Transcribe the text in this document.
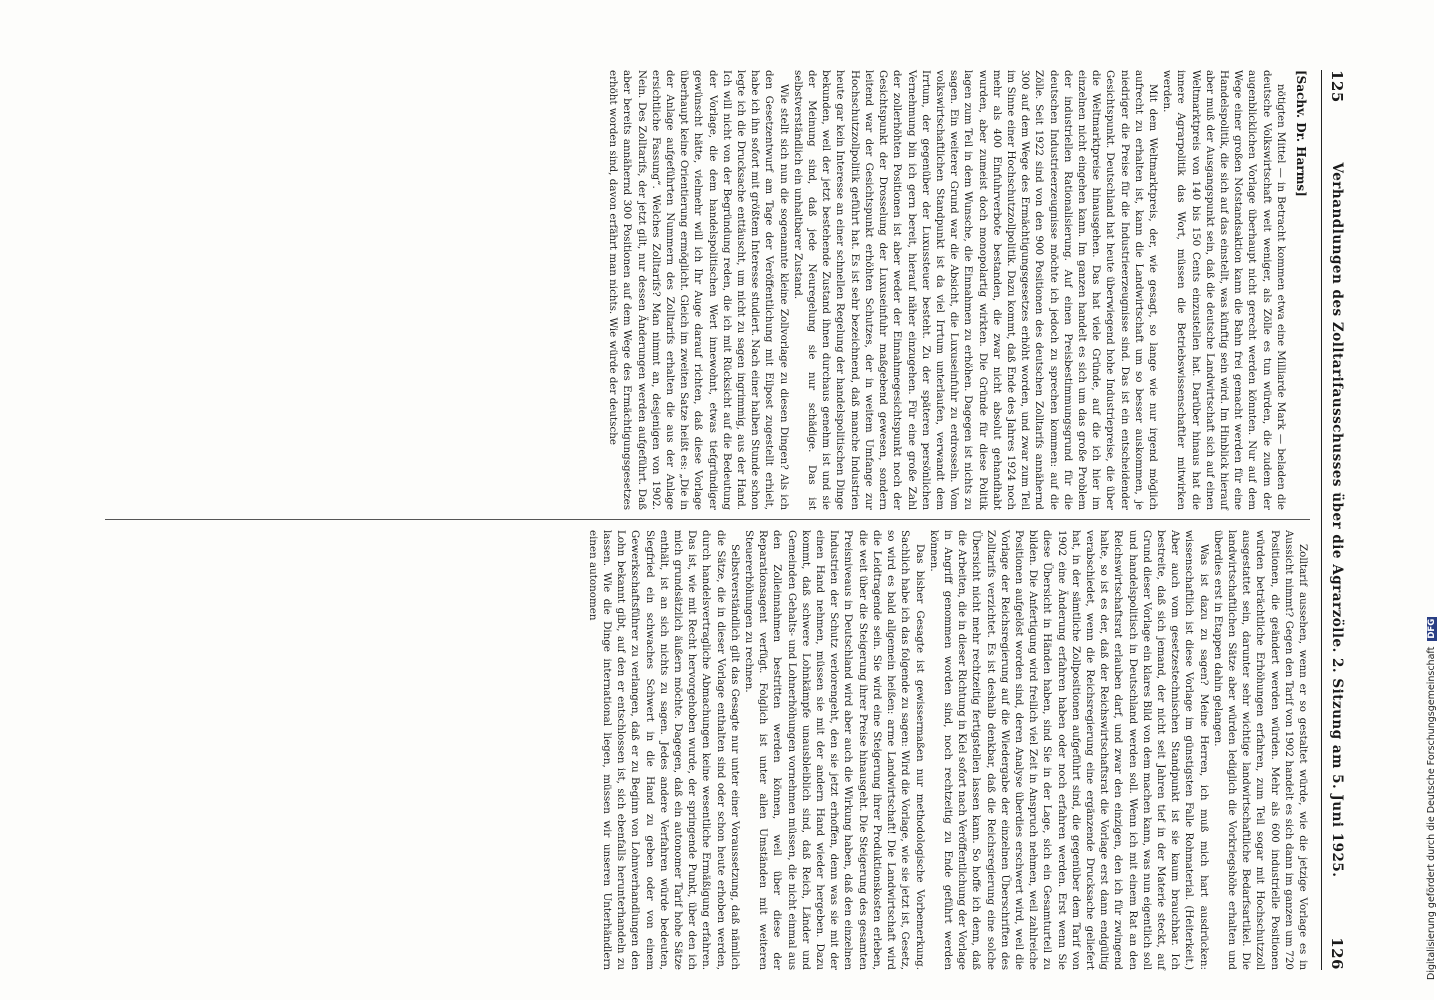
125
Verhandlungen des Zolltarifausschusses über die Agrarzölle. 2. Sitzung am 5. Juni 1925.
126
[Sachv. Dr. Harms]

nötigten Mittel — in Betracht kommen etwa eine Milliarde Mark — beladen die deutsche Volkswirtschaft weit weniger, als Zölle es tun würden, die zudem der augenblicklichen Vorlage überhaupt nicht gerecht werden könnten. Nur auf dem Wege einer großen Notstandsaktion kann die Bahn frei gemacht werden für eine Handelspolitik, die sich auf das einstellt, was künftig sein wird. Im Hinblick hierauf aber muß der Ausgangspunkt sein, daß die deutsche Landwirtschaft sich auf einen Weltmarktpreis von 140 bis 150 Cents einzustellen hat. Darüber hinaus hat die innere Agrarpolitik das Wort, müssen die Betriebswissenschaftler mitwirken werden.

Mit dem Weltmarktpreis, der, wie gesagt, so lange wie nur irgend möglich aufrecht zu erhalten ist, kann die Landwirtschaft um so besser auskommen, je niedriger die Preise für die Industrieerzeugnisse sind. Das ist ein entscheidender Gesichtspunkt. Deutschland hat heute überwiegend hohe Industriepreise, die über die Weltmarktpreise hinausgehen. Das hat viele Gründe, auf die ich hier im einzelnen nicht eingehen kann. Im ganzen handelt es sich um das große Problem der industriellen Rationalisierung. Auf einen Preisbestimmungsgrund für die deutschen Industrieerzeugnisse möchte ich jedoch zu sprechen kommen: auf die Zölle. Seit 1922 sind von den 900 Positionen des deutschen Zolltarifs annähernd 300 auf dem Wege des Ermächtigungsgesetzes erhöht worden, und zwar zum Teil im Sinne einer Hochschutzzollpolitik. Dazu kommt, daß Ende des Jahres 1924 noch mehr als 400 Einfuhrverbote bestanden, die zwar nicht absolut gehandhabt wurden, aber zumeist doch monopolartig wirkten. Die Gründe für diese Politik lagen zum Teil in dem Wunsche, die Einnahmen zu erhöhen. Dagegen ist nichts zu sagen. Ein weiterer Grund war die Absicht, die Luxuseinfuhr zu erdrosseln. Vom volkswirtschaftlichen Standpunkt ist da viel Irrtum unterlaufen, verwandt dem Irrtum, der gegenüber der Luxussteuer besteht. Zu der späteren persönlichen Vernehmung bin ich gern bereit, hierauf näher einzugehen. Für eine große Zahl der zollerhöhten Positionen ist aber weder der Einnahmegesichtspunkt noch der Gesichtspunkt der Drosselung der Luxuseinfuhr maßgebend gewesen, sondern leitend war der Gesichtspunkt erhöhten Schutzes, der in weitem Umfange zur Hochschutzzollpolitik geführt hat. Es ist sehr bezeichnend, daß manche Industrien heute gar kein Interesse an einer schnellen Regelung der handelspolitischen Dinge bekunden, weil der jetzt bestehende Zustand ihnen durchaus genehm ist und sie der Meinung sind, daß jede Neuregelung sie nur schädige. Das ist selbstverständlich ein unhaltbarer Zustand.

Wie stellt sich nun die sogenannte kleine Zollvorlage zu diesen Dingen? Als ich den Gesetzentwurf am Tage der Veröffentlichung mit Eilpost zugestellt erhielt, habe ich ihn sofort mit größtem Interesse studiert. Nach einer halben Stunde schon legte ich die Drucksache enttäuscht, um nicht zu sagen ingrimmig, aus der Hand. Ich will nicht von der Begründung reden, die ich mit Rücksicht auf die Bedeutung der Vorlage, die dem handelspolitischen Wert innewohnt, etwas tiefgründiger gewünscht hätte, vielmehr will ich Ihr Auge darauf richten, daß diese Vorlage überhaupt keine Orientierung ermöglicht. Gleich im zweiten Satze heißt es: „Die in der Anlage aufgeführten Nummern des Zolltarifs erhalten die aus der Anlage ersichtliche Fassung“. Welches Zolltarifs? Man nimmt an, desjenigen von 1902. Nein. Des Zolltarifs, der jetzt gilt, nur dessen Änderungen werden aufgeführt. Daß aber bereits annähernd 300 Positionen auf dem Wege des Ermächtigungsgesetzes erhöht worden sind, davon erfährt man nichts. Wie würde der deutsche

Zolltarif aussehen, wenn er so gestaltet würde, wie die jetzige Vorlage es in Aussicht nimmt? Gegen den Tarif von 1902 handelt es sich dann im ganzen um 720 Positionen, die geändert werden würden. Mehr als 600 industrielle Positionen würden beträchtliche Erhöhungen erfahren, zum Teil sogar mit Hochschutzzoll ausgestattet sein, darunter sehr wichtige landwirtschaftliche Bedarfsartikel. Die landwirtschaftlichen Sätze aber würden lediglich die Vorkriegshöhe erhalten und überdies erst in Etappen dahin gelangen.

Was ist dazu zu sagen? Meine Herren, ich muß mich hart ausdrücken: wissenschaftlich ist diese Vorlage im günstigsten Falle Rohmaterial. (Heiterkeit.) Aber auch vom gesetzestechnischen Standpunkt ist sie kaum brauchbar. Ich bestreite, daß sich jemand, der nicht seit Jahren tief in der Materie steckt, auf Grund dieser Vorlage ein klares Bild von dem machen kann, was nun eigentlich soll und handelspolitisch in Deutschland werden soll. Wenn ich mit einem Rat an den Reichswirtschaftsrat erlauben darf, und zwar den einzigen, den ich für zwingend halte, so ist es der, daß der Reichswirtschaftsrat die Vorlage erst dann endgültig verabschiedet, wenn die Reichsregierung eine ergänzende Drucksache geliefert hat, in der sämtliche Zollpositionen aufgeführt sind, die gegenüber dem Tarif von 1902 eine Änderung erfahren haben oder noch erfahren werden. Erst wenn Sie diese Übersicht in Händen haben, sind Sie in der Lage, sich ein Gesamturteil zu bilden. Die Anfertigung wird freilich viel Zeit in Anspruch nehmen, weil zahlreiche Positionen aufgelöst worden sind, deren Analyse überdies erschwert wird, weil die Vorlage der Reichsregierung auf die Wiedergabe der einzelnen Überschriften des Zolltarifs verzichtet. Es ist deshalb denkbar, daß die Reichsregierung eine solche Übersicht nicht mehr rechtzeitig fertigstellen lassen kann. So hoffe ich denn, daß die Arbeiten, die in dieser Richtung in Kiel sofort nach Veröffentlichung der Vorlage in Angriff genommen worden sind, noch rechtzeitig zu Ende geführt werden können.

Das bisher Gesagte ist gewissermaßen nur methodologische Vorbemerkung. Sachlich habe ich das folgende zu sagen: Wird die Vorlage, wie sie jetzt ist, Gesetz, so wird es bald allgemein heißen: arme Landwirtschaft! Die Landwirtschaft wird die Leidtragende sein. Sie wird eine Steigerung ihrer Produktionskosten erleben, die weit über die Steigerung ihrer Preise hinausgeht. Die Steigerung des gesamten Preisniveaus in Deutschland wird aber auch die Wirkung haben, daß den einzelnen Industrien der Schutz verlorengeht, den sie jetzt erhoffen, denn was sie mit der einen Hand nehmen, müssen sie mit der andern Hand wieder hergeben. Dazu kommt, daß schwere Lohnkämpfe unausbleiblich sind, daß Reich, Länder und Gemeinden Gehalts- und Lohnerhöhungen vornehmen müssen, die nicht einmal aus den Zolleinnahmen bestritten werden können, weil über diese der Reparationsagent verfügt. Folglich ist unter allen Umständen mit weiteren Steuererhöhungen zu rechnen.

Selbstverständlich gilt das Gesagte nur unter einer Voraussetzung, daß nämlich die Sätze, die in dieser Vorlage enthalten sind oder schon heute erhoben werden, durch handelsvertragliche Abmachungen keine wesentliche Ermäßigung erfahren. Das ist, wie mit Recht hervorgehoben wurde, der springende Punkt, über den ich mich grundsätzlich äußern möchte. Dagegen, daß ein autonomer Tarif hohe Sätze enthält, ist an sich nichts zu sagen. Jedes andere Verfahren würde bedeuten, Siegfried ein schwaches Schwert in die Hand zu geben oder von einem Gewerkschaftsführer zu verlangen, daß er zu Beginn von Lohnverhandlungen den Lohn bekannt gibt, auf den er entschlossen ist, sich ebenfalls herunterhandeln zu lassen. Wie die Dinge international liegen, müssen wir unseren Unterhändlern einen autonomen

Digitalisierung gefördert durch die Deutsche Forschungsgemeinschaft DFG
